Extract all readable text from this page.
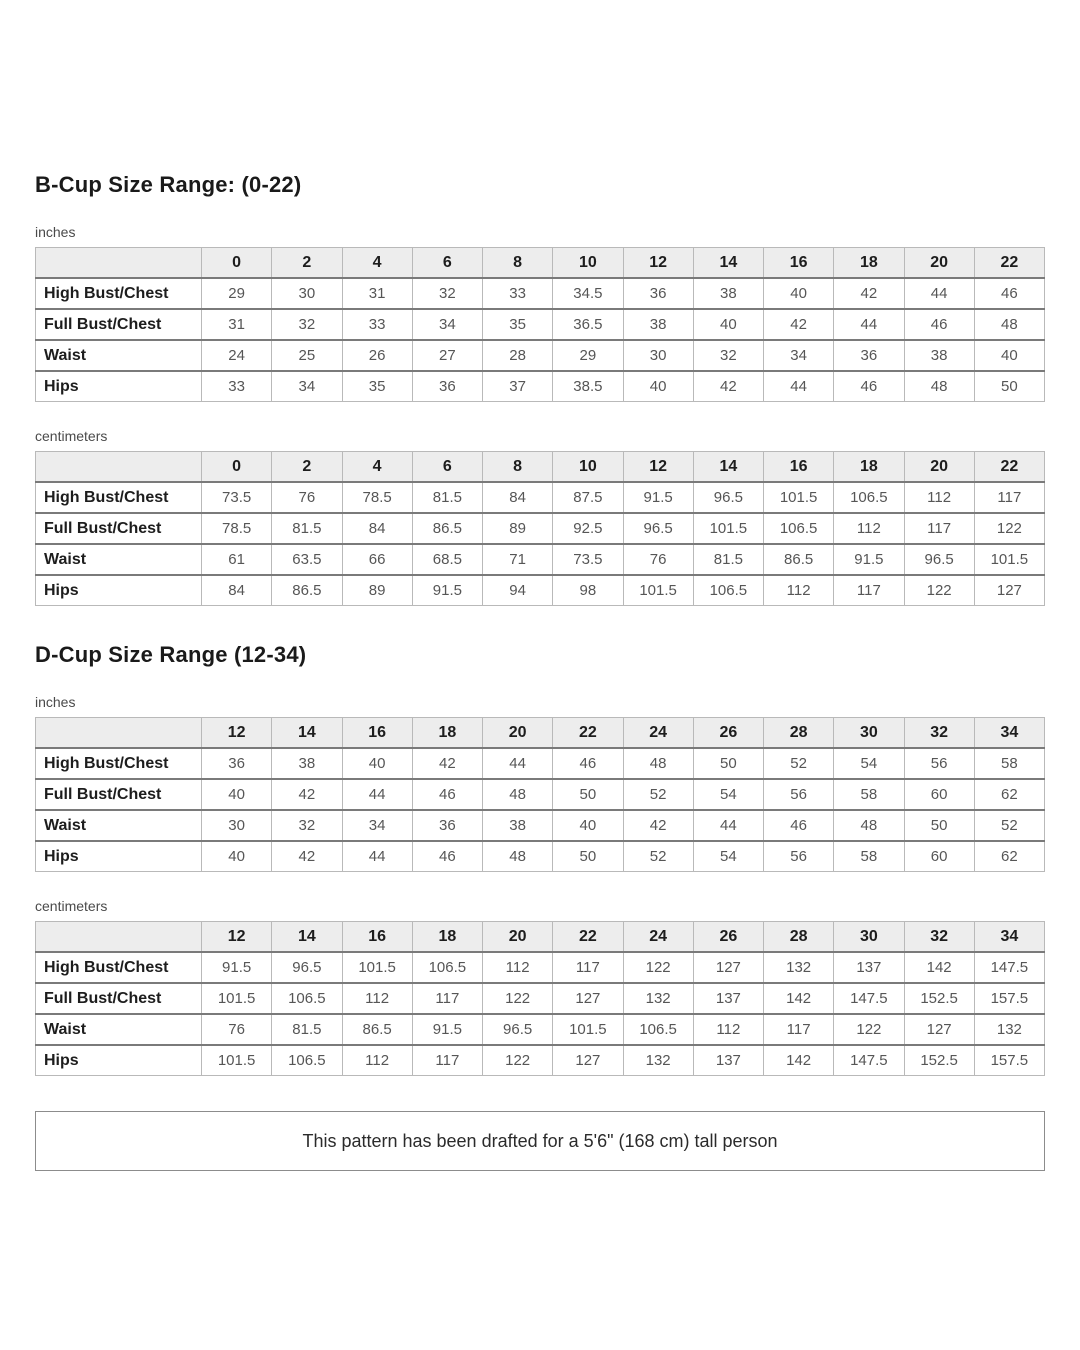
B-Cup Size Range: (0-22)
inches
	0	2	4	6	8	10	12	14	16	18	20	22
High Bust/Chest	29	30	31	32	33	34.5	36	38	40	42	44	46
Full Bust/Chest	31	32	33	34	35	36.5	38	40	42	44	46	48
Waist	24	25	26	27	28	29	30	32	34	36	38	40
Hips	33	34	35	36	37	38.5	40	42	44	46	48	50
centimeters
	0	2	4	6	8	10	12	14	16	18	20	22
High Bust/Chest	73.5	76	78.5	81.5	84	87.5	91.5	96.5	101.5	106.5	112	117
Full Bust/Chest	78.5	81.5	84	86.5	89	92.5	96.5	101.5	106.5	112	117	122
Waist	61	63.5	66	68.5	71	73.5	76	81.5	86.5	91.5	96.5	101.5
Hips	84	86.5	89	91.5	94	98	101.5	106.5	112	117	122	127
D-Cup Size Range (12-34)
inches
	12	14	16	18	20	22	24	26	28	30	32	34
High Bust/Chest	36	38	40	42	44	46	48	50	52	54	56	58
Full Bust/Chest	40	42	44	46	48	50	52	54	56	58	60	62
Waist	30	32	34	36	38	40	42	44	46	48	50	52
Hips	40	42	44	46	48	50	52	54	56	58	60	62
centimeters
	12	14	16	18	20	22	24	26	28	30	32	34
High Bust/Chest	91.5	96.5	101.5	106.5	112	117	122	127	132	137	142	147.5
Full Bust/Chest	101.5	106.5	112	117	122	127	132	137	142	147.5	152.5	157.5
Waist	76	81.5	86.5	91.5	96.5	101.5	106.5	112	117	122	127	132
Hips	101.5	106.5	112	117	122	127	132	137	142	147.5	152.5	157.5
This pattern has been drafted for a 5'6" (168 cm) tall person
